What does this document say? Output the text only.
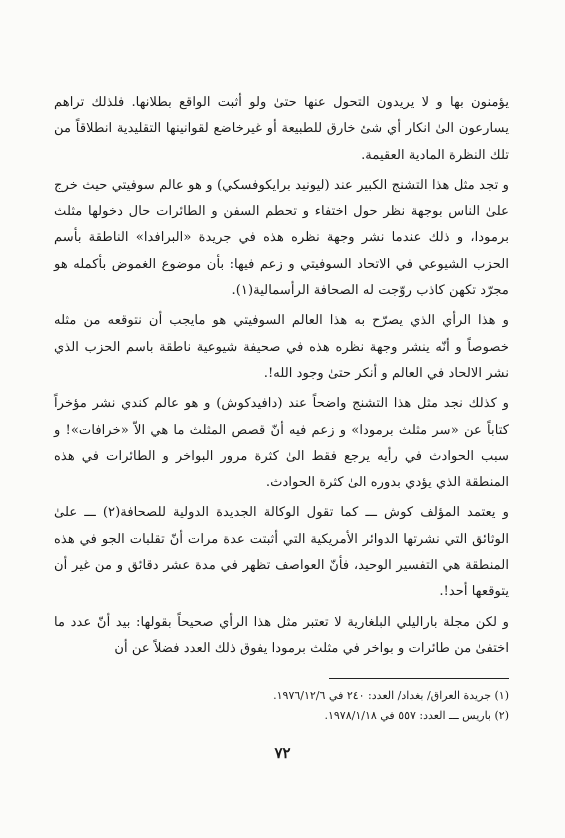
يؤمنون بها و لا يريدون التحول عنها حتىٰ ولو أثبت الواقع بطلانها. فلذلك تراهم يسارعون الىٰ انكار أي شئ خارق للطبيعة أو غيرخاضع لقوانينها التقليدية انطلاقاً من تلك النظرة المادية العقيمة.

و تجد مثل هذا التشنج الكبير عند (ليونيد برايكوفسكي) و هو عالم سوفيتي حيث خرج علىٰ الناس بوجهة نظر حول اختفاء و تحطم السفن و الطائرات حال دخولها مثلث برمودا، و ذلك عندما نشر وجهة نظره هذه في جريدة «البرافدا» الناطقة بأسم الحزب الشيوعي في الاتحاد السوفيتي و زعم فيها: بأن موضوع الغموض بأكمله هو مجرّد تكهن كاذب روّجت له الصحافة الرأسمالية(١).

و هذا الرأي الذي يصرّح به هذا العالم السوفيتي هو مايجب أن نتوقعه من مثله خصوصاً و أنّه ينشر وجهة نظره هذه في صحيفة شيوعية ناطقة باسم الحزب الذي نشر الالحاد في العالم و أنكر حتىٰ وجود الله!.

و كذلك نجد مثل هذا التشنج واضحاً عند (دافيدكوش) و هو عالم كندي نشر مؤخراً كتاباً عن «سر مثلث برمودا» و زعم فيه أنّ قصص المثلث ما هي الاّ «خرافات»! و سبب الحوادث في رأيه يرجع فقط الىٰ كثرة مرور البواخر و الطائرات في هذه المنطقة الذي يؤدي بدوره الىٰ كثرة الحوادث.

و يعتمد المؤلف كوش ـــ كما تقول الوكالة الجديدة الدولية للصحافة(٢) ـــ علىٰ الوثائق التي نشرتها الدوائر الأمريكية التي أثبتت عدة مرات أنّ تقلبات الجو في هذه المنطقة هي التفسير الوحيد، فأنّ العواصف تظهر في مدة عشر دقائق و من غير أن يتوقعها أحد!.

و لكن مجلة باراليلي البلغارية لا تعتبر مثل هذا الرأي صحيحاً بقولها: بيد أنّ عدد ما اختفىٰ من طائرات و بواخر في مثلث برمودا يفوق ذلك العدد فضلاً عن أن

(١) جريدة العراق/ بغداد/ العدد: ٢٤٠ في ١٩٧٦/١٢/٦.
(٢) باريس ـــ العدد: ٥٥٧ في ١٩٧٨/١/١٨.
٧٢
